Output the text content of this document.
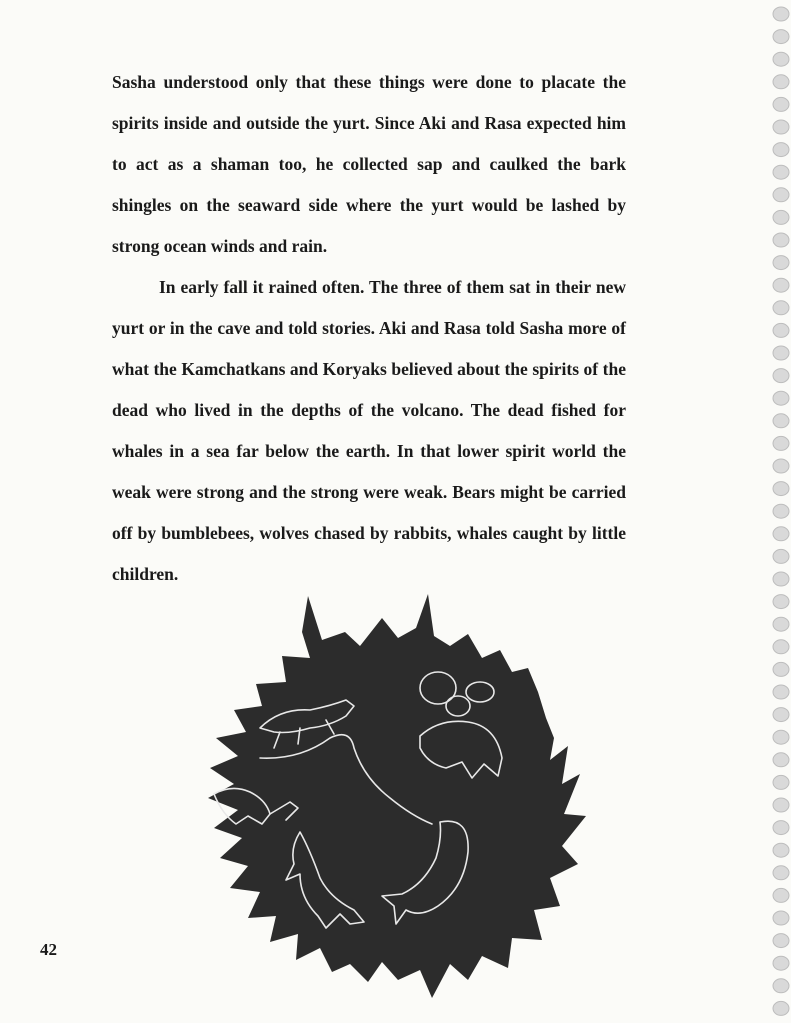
Sasha understood only that these things were done to placate the spirits inside and outside the yurt. Since Aki and Rasa expected him to act as a shaman too, he collected sap and caulked the bark shingles on the seaward side where the yurt would be lashed by strong ocean winds and rain.

In early fall it rained often. The three of them sat in their new yurt or in the cave and told stories. Aki and Rasa told Sasha more of what the Kamchatkans and Koryaks believed about the spirits of the dead who lived in the depths of the volcano. The dead fished for whales in a sea far below the earth. In that lower spirit world the weak were strong and the strong were weak. Bears might be carried off by bumblebees, wolves chased by rabbits, whales caught by little children.

42
